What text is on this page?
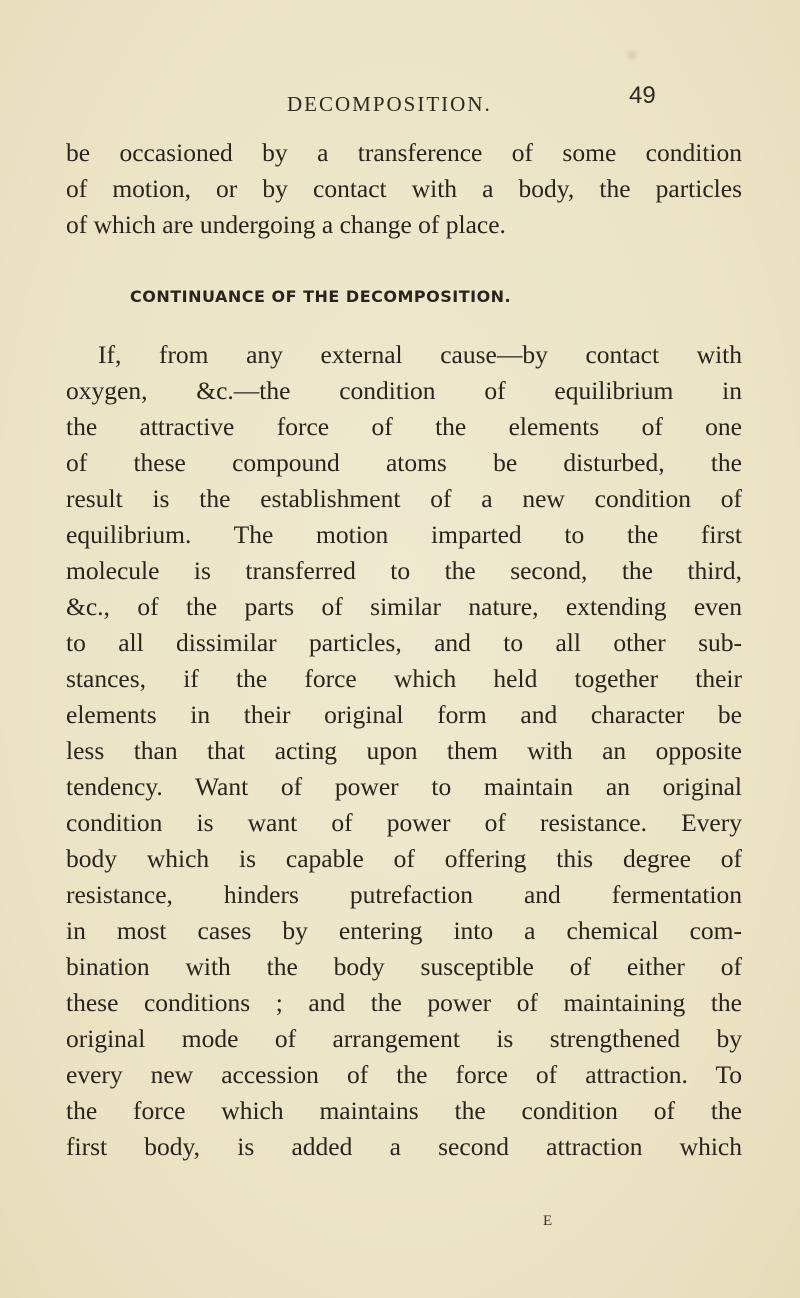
DECOMPOSITION.	49
be occasioned by a transference of some condition
of motion, or by contact with a body, the particles
of which are undergoing a change of place.
CONTINUANCE OF THE DECOMPOSITION.
If, from any external cause—by contact with
oxygen, &c.—the condition of equilibrium in
the attractive force of the elements of one
of these compound atoms be disturbed, the
result is the establishment of a new condition of
equilibrium. The motion imparted to the first
molecule is transferred to the second, the third,
&c., of the parts of similar nature, extending even
to all dissimilar particles, and to all other sub-
stances, if the force which held together their
elements in their original form and character be
less than that acting upon them with an opposite
tendency. Want of power to maintain an original
condition is want of power of resistance. Every
body which is capable of offering this degree of
resistance, hinders putrefaction and fermentation
in most cases by entering into a chemical com-
bination with the body susceptible of either of
these conditions ; and the power of maintaining the
original mode of arrangement is strengthened by
every new accession of the force of attraction. To
the force which maintains the condition of the
first body, is added a second attraction which
E
